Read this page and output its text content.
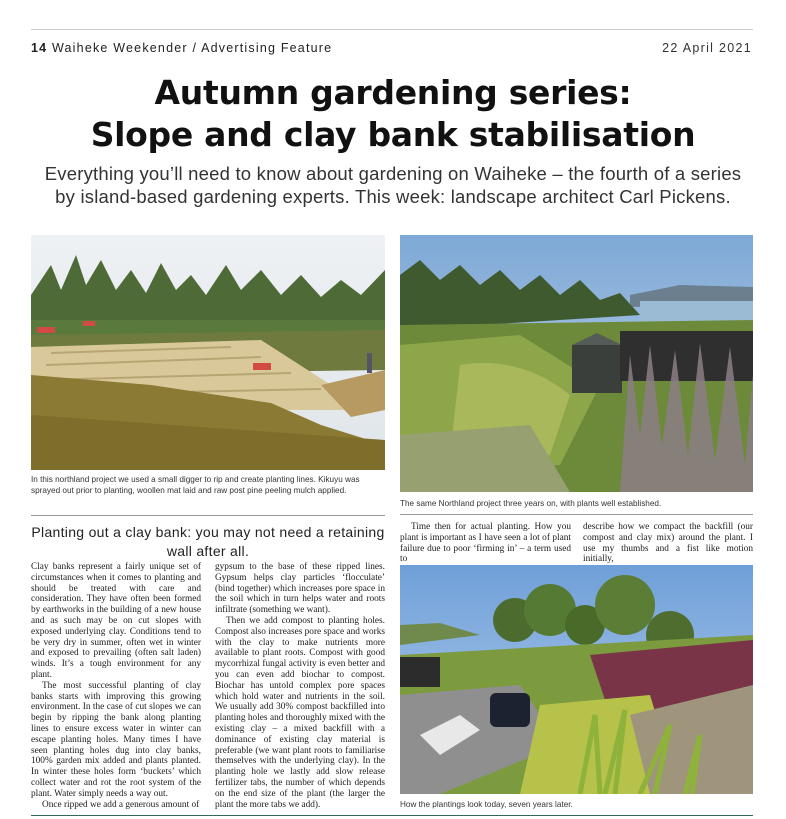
14 Waiheke Weekender / Advertising Feature	22 April 2021
Autumn gardening series:
Slope and clay bank stabilisation
Everything you’ll need to know about gardening on Waiheke – the fourth of a series
by island-based gardening experts. This week: landscape architect Carl Pickens.
In this northland project we used a small digger to rip and create planting lines. Kikuyu was sprayed out prior to planting, woollen mat laid and raw post pine peeling mulch applied.
The same Northland project three years on, with plants well established.
Planting out a clay bank: you may not need a retaining wall after all.

Clay banks represent a fairly unique set of circumstances when it comes to planting and should be treated with care and consideration. They have often been formed by earthworks in the building of a new house and as such may be on cut slopes with exposed underlying clay. Conditions tend to be very dry in summer, often wet in winter and exposed to prevailing (often salt laden) winds. It’s a tough environment for any plant.

The most successful planting of clay banks starts with improving this growing environment. In the case of cut slopes we can begin by ripping the bank along planting lines to ensure excess water in winter can escape planting holes. Many times I have seen planting holes dug into clay banks, 100% garden mix added and plants planted. In winter these holes form ‘buckets’ which collect water and rot the root system of the plant. Water simply needs a way out.

Once ripped we add a generous amount of

gypsum to the base of these ripped lines. Gypsum helps clay particles ‘flocculate’ (bind together) which increases pore space in the soil which in turn helps water and roots infiltrate (something we want).

Then we add compost to planting holes. Compost also increases pore space and works with the clay to make nutrients more available to plant roots. Compost with good mycorrhizal fungal activity is even better and you can even add biochar to compost. Biochar has untold complex pore spaces which hold water and nutrients in the soil. We usually add 30% compost backfilled into planting holes and thoroughly mixed with the existing clay – a mixed backfill with a dominance of existing clay material is preferable (we want plant roots to familiarise themselves with the underlying clay). In the planting hole we lastly add slow release fertilizer tabs, the number of which depends on the end size of the plant (the larger the plant the more tabs we add).

Time then for actual planting. How you plant is important as I have seen a lot of plant failure due to poor ‘firming in’ – a term used to

describe how we compact the backfill (our compost and clay mix) around the plant. I use my thumbs and a fist like motion initially,

How the plantings look today, seven years later.
